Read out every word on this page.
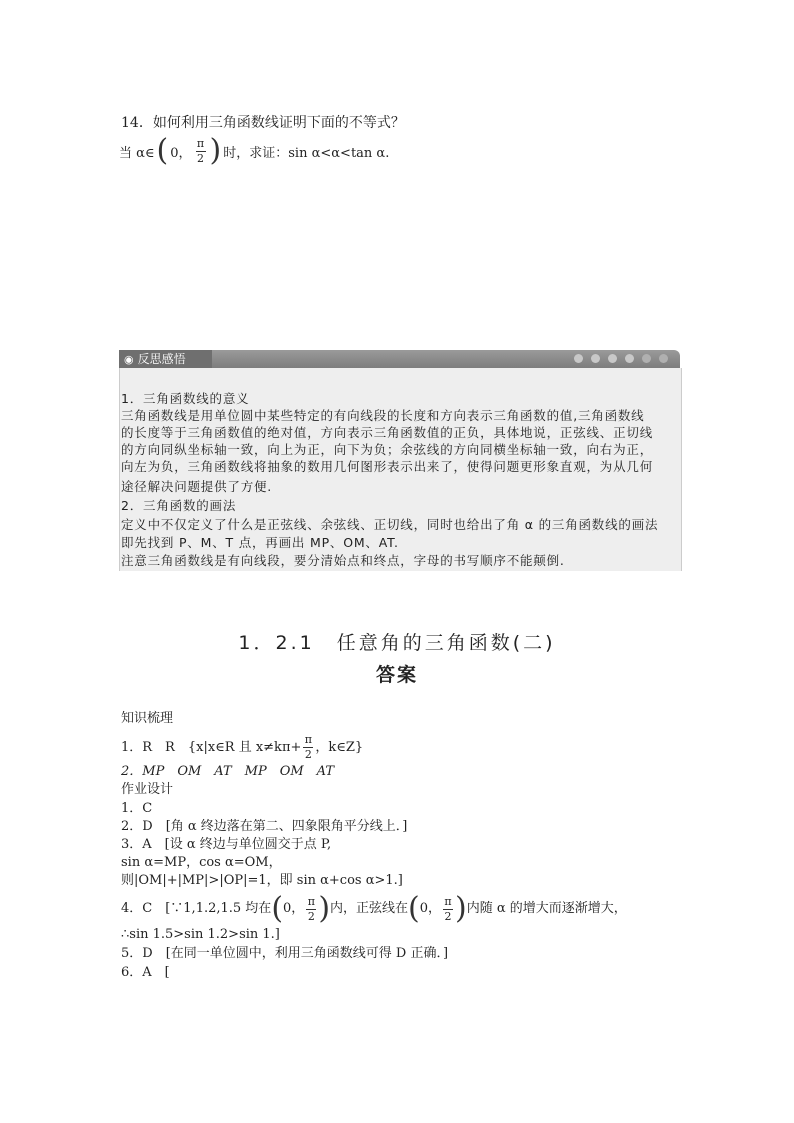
14．如何利用三角函数线证明下面的不等式？
当 α∈ ( 0， $\frac{\pi}{2}$ ) 时，求证：sin α<α<tan α.
◉ 反思感悟
1．三角函数线的意义
三角函数线是用单位圆中某些特定的有向线段的长度和方向表示三角函数的值,三角函数线
的长度等于三角函数值的绝对值，方向表示三角函数值的正负，具体地说，正弦线、正切线
的方向同纵坐标轴一致，向上为正，向下为负；余弦线的方向同横坐标轴一致，向右为正，
向左为负，三角函数线将抽象的数用几何图形表示出来了，使得问题更形象直观，为从几何
途径解决问题提供了方便.
2．三角函数的画法
定义中不仅定义了什么是正弦线、余弦线、正切线，同时也给出了角 α 的三角函数线的画法
即先找到 P、M、T 点，再画出 MP、OM、AT.
注意三角函数线是有向线段，要分清始点和终点，字母的书写顺序不能颠倒.
1．2.1　任意角的三角函数(二)
答案
知识梳理
1．R　R　{x|x∈R 且 $x\ne k\pi+ \frac{\pi}{2}$ ，k∈Z}
2．MP　OM　AT　MP　OM　AT
作业设计
1．C
2．D　[角 α 终边落在第二、四象限角平分线上．]
3．A　[设 α 终边与单位圆交于点 P,
sin α=MP，cos α=OM，
则|OM|+|MP|>|OP|=1，即 sin α+cos α>1.]
4．C　[∵1,1.2,1.5 均在 ( 0， $\frac{\pi}{2}$ ) 内，正弦线在 ( 0， $\frac{\pi}{2}$ ) 内随 α 的增大而逐渐增大，
∴sin 1.5>sin 1.2>sin 1.]
5．D　[在同一单位圆中，利用三角函数线可得 D 正确．]
6．A　[
